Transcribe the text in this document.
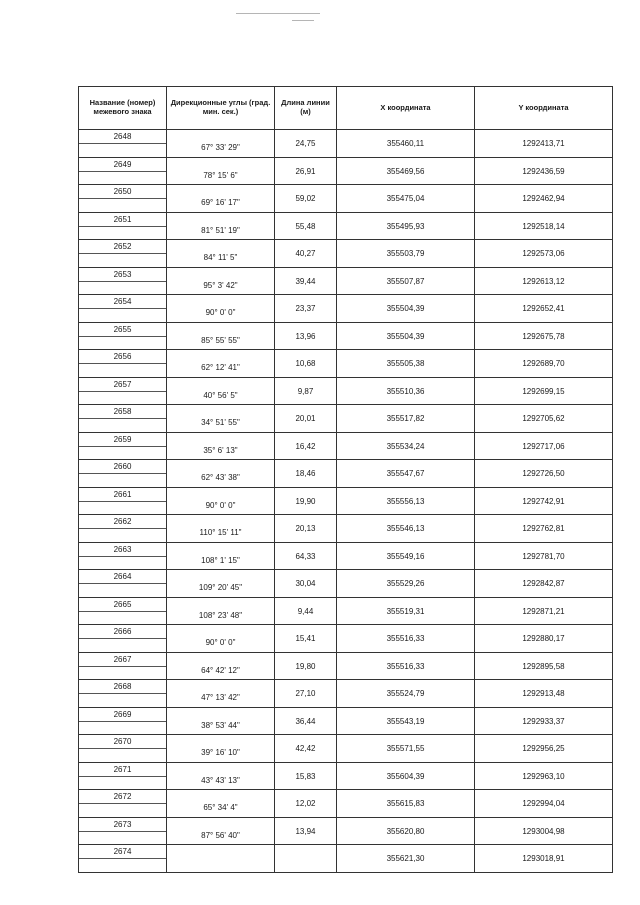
Название (номер) межевого знака	Дирекционные углы (град. мин. сек.)	Длина линии (м)	X координата	Y координата

2648	67° 33' 29"	24,75	355460,11	1292413,71

2649	78° 15' 6"	26,91	355469,56	1292436,59

2650	69° 16' 17"	59,02	355475,04	1292462,94

2651	81° 51' 19"	55,48	355495,93	1292518,14

2652	84° 11' 5"	40,27	355503,79	1292573,06

2653	95° 3' 42"	39,44	355507,87	1292613,12

2654	90° 0' 0"	23,37	355504,39	1292652,41

2655	85° 55' 55"	13,96	355504,39	1292675,78

2656	62° 12' 41"	10,68	355505,38	1292689,70

2657	40° 56' 5"	9,87	355510,36	1292699,15

2658	34° 51' 55"	20,01	355517,82	1292705,62

2659	35° 6' 13"	16,42	355534,24	1292717,06

2660	62° 43' 38"	18,46	355547,67	1292726,50

2661	90° 0' 0"	19,90	355556,13	1292742,91

2662	110° 15' 11"	20,13	355546,13	1292762,81

2663	108° 1' 15"	64,33	355549,16	1292781,70

2664	109° 20' 45"	30,04	355529,26	1292842,87

2665	108° 23' 48"	9,44	355519,31	1292871,21

2666	90° 0' 0"	15,41	355516,33	1292880,17

2667	64° 42' 12"	19,80	355516,33	1292895,58

2668	47° 13' 42"	27,10	355524,79	1292913,48

2669	38° 53' 44"	36,44	355543,19	1292933,37

2670	39° 16' 10"	42,42	355571,55	1292956,25

2671	43° 43' 13"	15,83	355604,39	1292963,10

2672	65° 34' 4"	12,02	355615,83	1292994,04

2673	87° 56' 40"	13,94	355620,80	1293004,98

2674			355621,30	1293018,91
